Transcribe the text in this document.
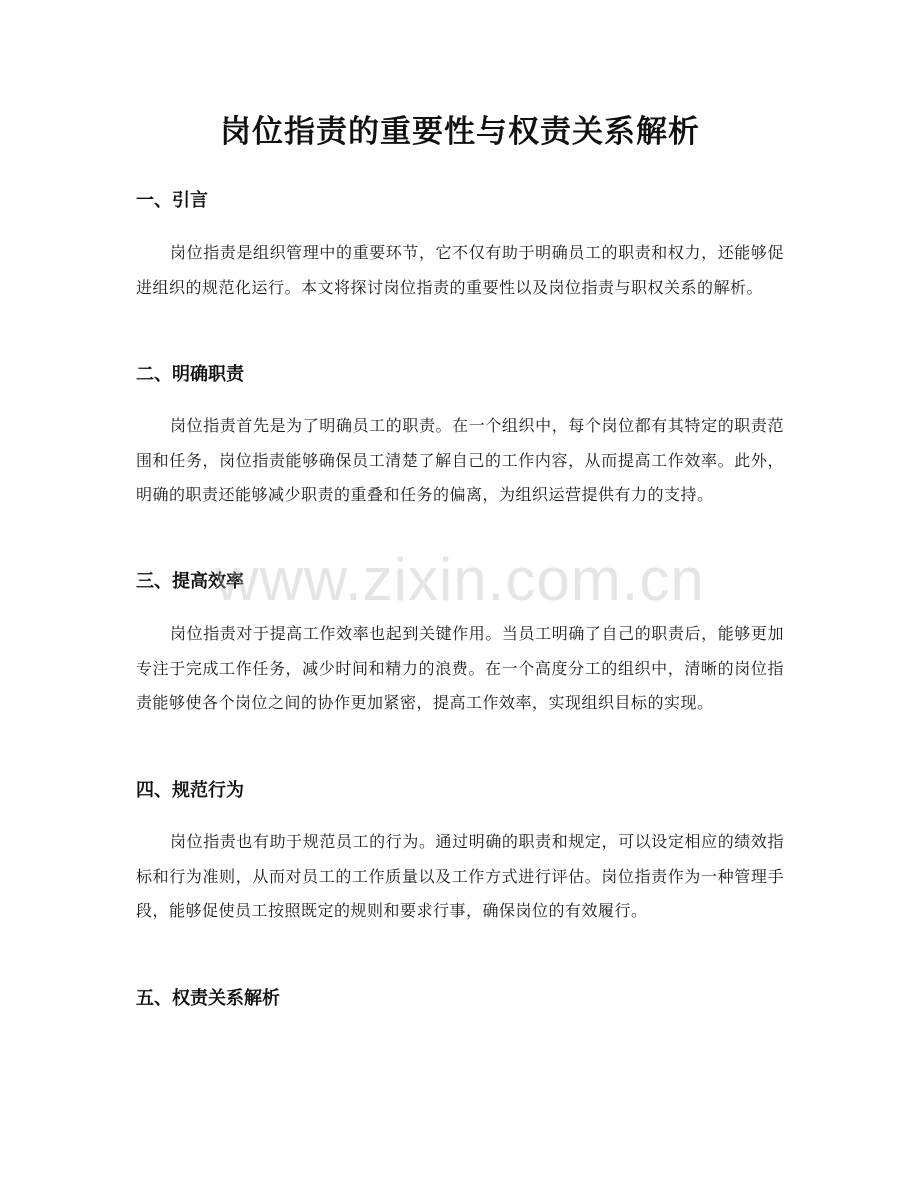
岗位指责的重要性与权责关系解析
一、引言

岗位指责是组织管理中的重要环节，它不仅有助于明确员工的职责和权力，还能够促进组织的规范化运行。本文将探讨岗位指责的重要性以及岗位指责与职权关系的解析。

二、明确职责

岗位指责首先是为了明确员工的职责。在一个组织中，每个岗位都有其特定的职责范围和任务，岗位指责能够确保员工清楚了解自己的工作内容，从而提高工作效率。此外，明确的职责还能够减少职责的重叠和任务的偏离，为组织运营提供有力的支持。

三、提高效率

岗位指责对于提高工作效率也起到关键作用。当员工明确了自己的职责后，能够更加专注于完成工作任务，减少时间和精力的浪费。在一个高度分工的组织中，清晰的岗位指责能够使各个岗位之间的协作更加紧密，提高工作效率，实现组织目标的实现。

四、规范行为

岗位指责也有助于规范员工的行为。通过明确的职责和规定，可以设定相应的绩效指标和行为准则，从而对员工的工作质量以及工作方式进行评估。岗位指责作为一种管理手段，能够促使员工按照既定的规则和要求行事，确保岗位的有效履行。

五、权责关系解析
www.zixin.com.cn
